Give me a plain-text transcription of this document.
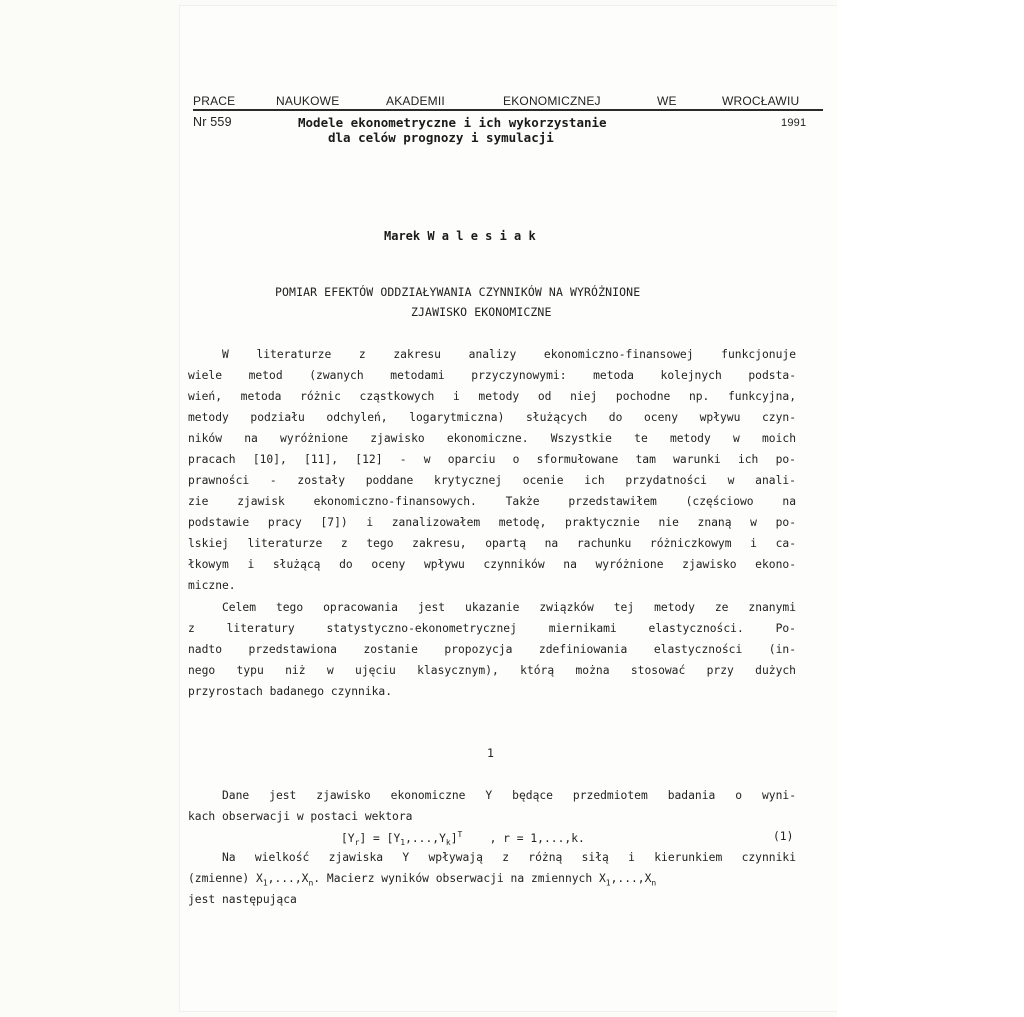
PRACE	NAUKOWE	AKADEMII	EKONOMICZNEJ	WE	WROCŁAWIU
Nr 559	Modele ekonometryczne i ich wykorzystanie
dla celów prognozy i symulacji
1991
Marek W a l e s i a k
POMIAR EFEKTÓW ODDZIAŁYWANIA CZYNNIKÓW NA WYRÓŻNIONE
ZJAWISKO EKONOMICZNE
W literaturze z zakresu analizy ekonomiczno-finansowej funkcjonuje
wiele metod (zwanych metodami przyczynowymi: metoda kolejnych podsta-
wień, metoda różnic cząstkowych i metody od niej pochodne np. funkcyjna,
metody podziału odchyleń, logarytmiczna) służących do oceny wpływu czyn-
ników na wyróżnione zjawisko ekonomiczne. Wszystkie te metody w moich
pracach [10], [11], [12] - w oparciu o sformułowane tam warunki ich po-
prawności - zostały poddane krytycznej ocenie ich przydatności w anali-
zie zjawisk ekonomiczno-finansowych. Także przedstawiłem (częściowo na
podstawie pracy [7]) i zanalizowałem metodę, praktycznie nie znaną w po-
lskiej literaturze z tego zakresu, opartą na rachunku różniczkowym i ca-
łkowym i służącą do oceny wpływu czynników na wyróżnione zjawisko ekono-
miczne.
Celem tego opracowania jest ukazanie związków tej metody ze znanymi
z literatury statystyczno-ekonometrycznej miernikami elastyczności. Po-
nadto przedstawiona zostanie propozycja zdefiniowania elastyczności (in-
nego typu niż w ujęciu klasycznym), którą można stosować przy dużych
przyrostach badanego czynnika.
1
Dane jest zjawisko ekonomiczne Y będące przedmiotem badania o wyni-
kach obserwacji w postaci wektora
$[Y_r] = [Y_1,...,Y_k]^T$ , r = 1,...,k.	(1)
Na wielkość zjawiska Y wpływają z różną siłą i kierunkiem czynniki
(zmienne) $X_1,...,X_n$. Macierz wyników obserwacji na zmiennych $X_1,...,X_n$
jest następująca
